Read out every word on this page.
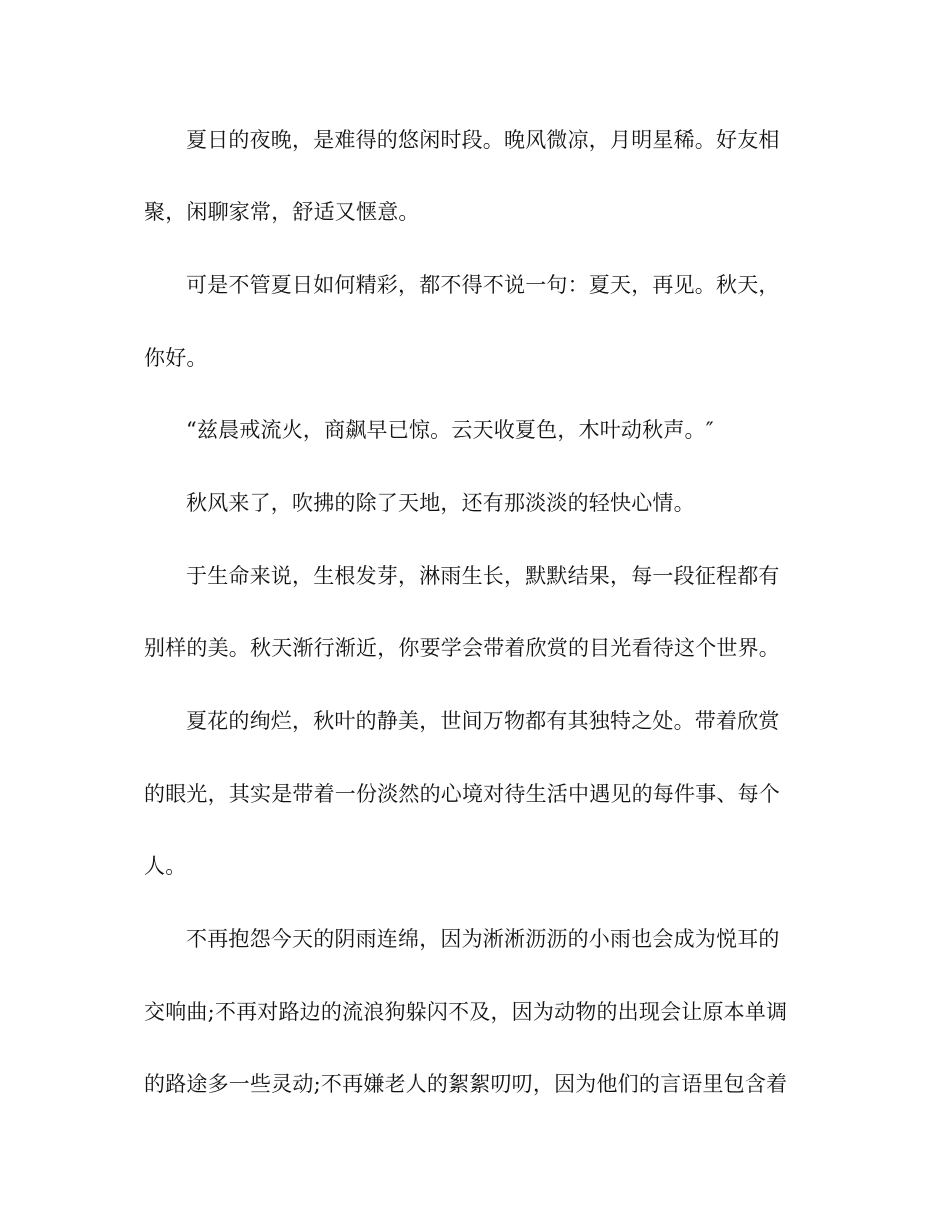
夏日的夜晚，是难得的悠闲时段。晚风微凉，月明星稀。好友相
聚，闲聊家常，舒适又惬意。
可是不管夏日如何精彩，都不得不说一句：夏天，再见。秋天，
你好。
“兹晨戒流火，商飙早已惊。云天收夏色，木叶动秋声。″
秋风来了，吹拂的除了天地，还有那淡淡的轻快心情。
于生命来说，生根发芽，淋雨生长，默默结果，每一段征程都有
别样的美。秋天渐行渐近，你要学会带着欣赏的目光看待这个世界。
夏花的绚烂，秋叶的静美，世间万物都有其独特之处。带着欣赏
的眼光，其实是带着一份淡然的心境对待生活中遇见的每件事、每个
人。
不再抱怨今天的阴雨连绵，因为淅淅沥沥的小雨也会成为悦耳的
交响曲;不再对路边的流浪狗躲闪不及，因为动物的出现会让原本单调
的路途多一些灵动;不再嫌老人的絮絮叨叨，因为他们的言语里包含着
